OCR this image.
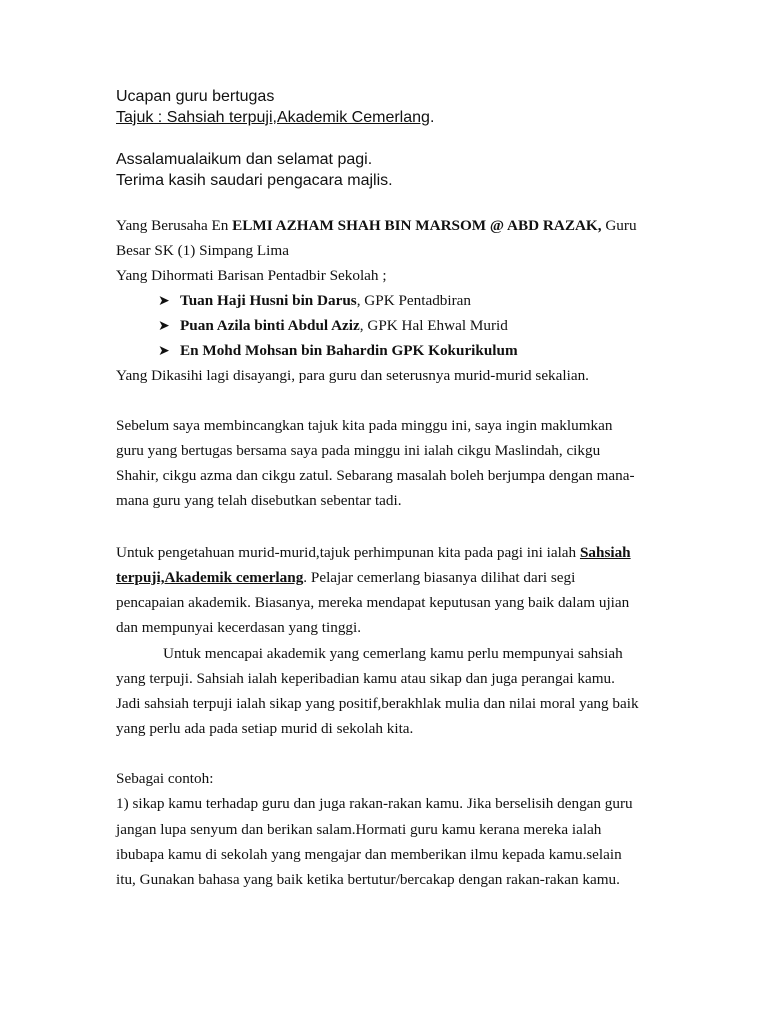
Ucapan guru bertugas
Tajuk : Sahsiah terpuji,Akademik Cemerlang.
Assalamualaikum dan selamat pagi.
Terima kasih saudari pengacara majlis.
Yang Berusaha En ELMI AZHAM SHAH BIN MARSOM @ ABD RAZAK, Guru
Besar SK (1) Simpang Lima
Yang Dihormati Barisan Pentadbir Sekolah ;
➤ Tuan Haji Husni bin Darus, GPK Pentadbiran
➤ Puan Azila binti Abdul Aziz, GPK Hal Ehwal Murid
➤ En Mohd Mohsan bin Bahardin GPK Kokurikulum
Yang Dikasihi lagi disayangi, para guru dan seterusnya murid-murid sekalian.
Sebelum saya membincangkan tajuk kita pada minggu ini, saya ingin maklumkan
guru yang bertugas bersama saya pada minggu ini ialah cikgu Maslindah, cikgu
Shahir, cikgu azma dan cikgu zatul. Sebarang masalah boleh berjumpa dengan mana-
mana guru yang telah disebutkan sebentar tadi.
Untuk pengetahuan murid-murid,tajuk perhimpunan kita pada pagi ini ialah Sahsiah
terpuji,Akademik cemerlang. Pelajar cemerlang biasanya dilihat dari segi
pencapaian akademik. Biasanya, mereka mendapat keputusan yang baik dalam ujian
dan mempunyai kecerdasan yang tinggi.
Untuk mencapai akademik yang cemerlang kamu perlu mempunyai sahsiah
yang terpuji. Sahsiah ialah keperibadian kamu atau sikap dan juga perangai kamu.
Jadi sahsiah terpuji ialah sikap yang positif,berakhlak mulia dan nilai moral yang baik
yang perlu ada pada setiap murid di sekolah kita.
Sebagai contoh:
1) sikap kamu terhadap guru dan juga rakan-rakan kamu. Jika berselisih dengan guru
jangan lupa senyum dan berikan salam.Hormati guru kamu kerana mereka ialah
ibubapa kamu di sekolah yang mengajar dan memberikan ilmu kepada kamu.selain
itu, Gunakan bahasa yang baik ketika bertutur/bercakap dengan rakan-rakan kamu.
